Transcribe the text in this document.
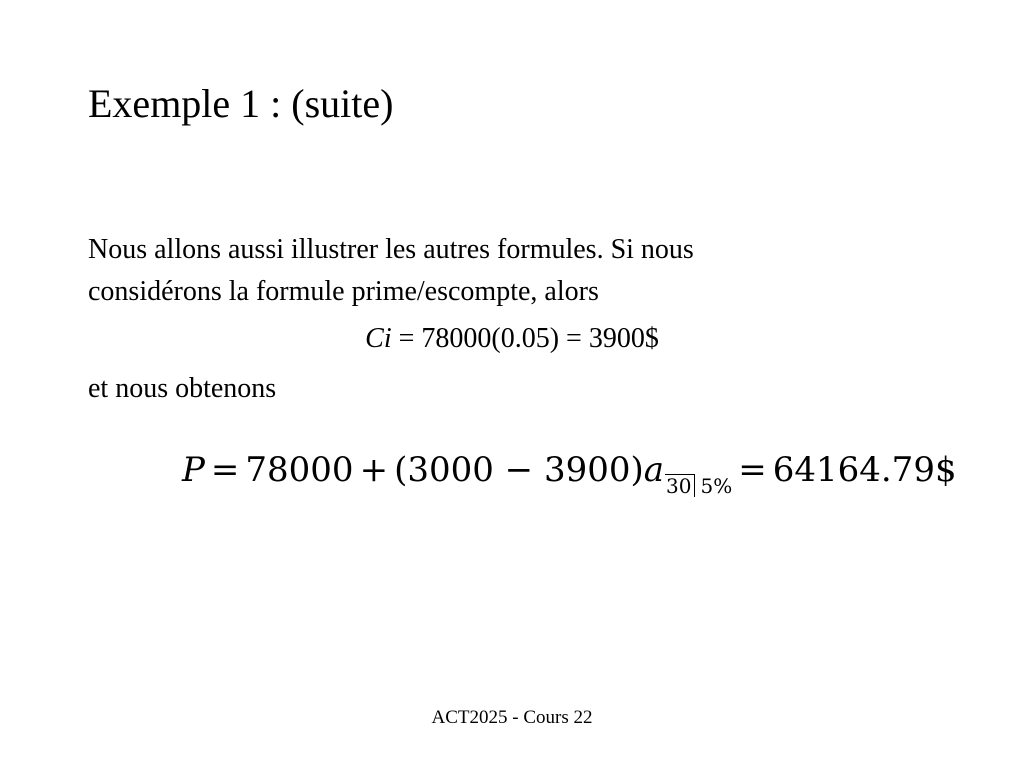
Exemple 1 : (suite)
Nous allons aussi illustrer les autres formules. Si nous
considérons la formule prime/escompte, alors
Ci = 78000(0.05) = 3900$
et nous obtenons
P = 78000 + (3000 − 3900)a 30 5% = 64164.79$
ACT2025 - Cours 22
